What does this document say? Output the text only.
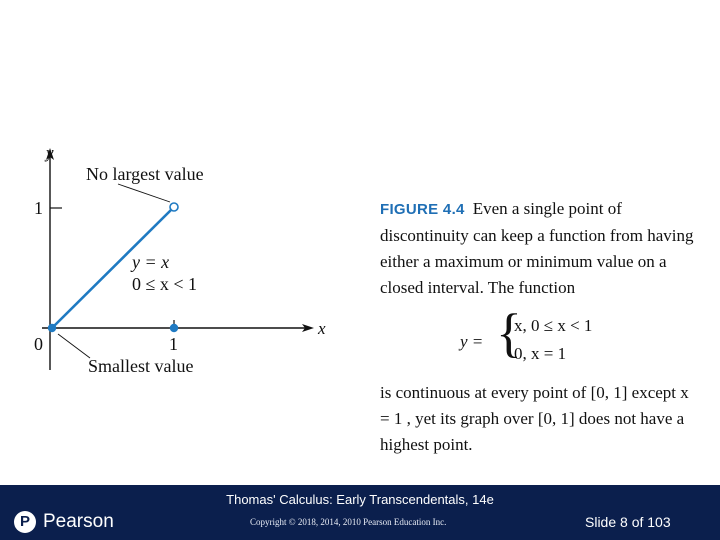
y
x
1
0	1
No largest value
Smallest value
y = x
0 ≤ x < 1
FIGURE 4.4 Even a single point of discontinuity can keep a function from having either a maximum or minimum value on a closed interval. The function
y = {
x, 0 ≤ x < 1
0, x = 1
is continuous at every point of [0, 1] except x = 1 , yet its graph over [0, 1] does not have a highest point.
Thomas' Calculus: Early Transcendentals, 14e
P Pearson	Copyright © 2018, 2014, 2010 Pearson Education Inc.	Slide 8 of 103
